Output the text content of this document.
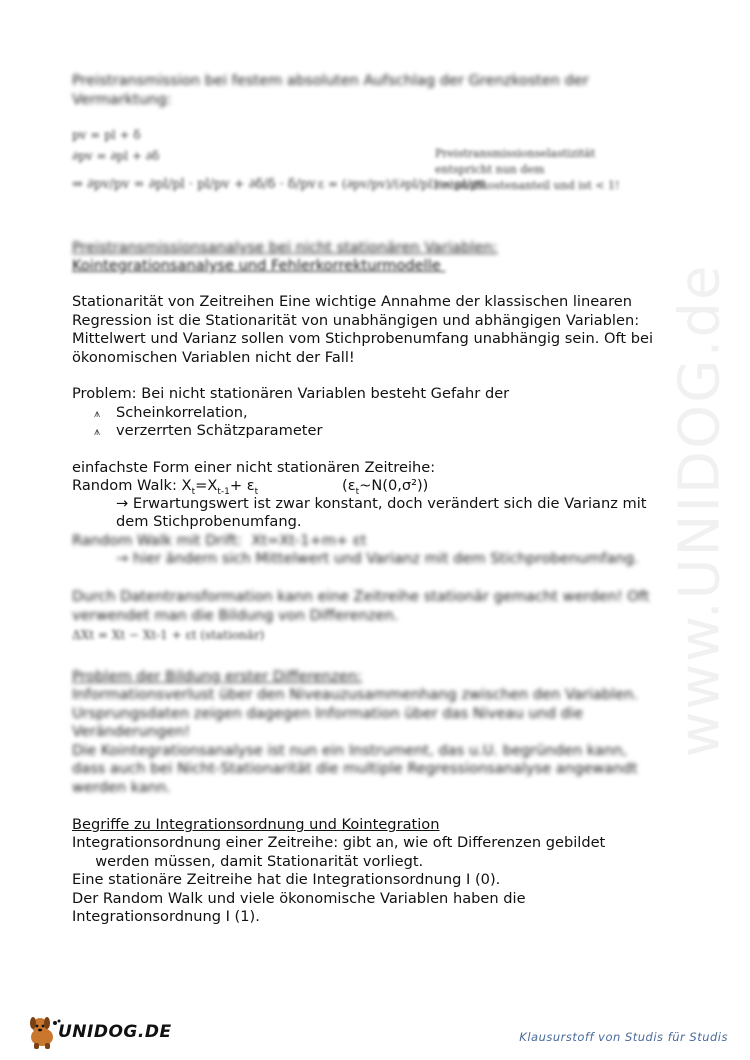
www.UNIDOG.de
Preistransmission bei festem absoluten Aufschlag der Grenzkosten der
Vermarktung:
pv = pl + δ
∂pv = ∂pl + ∂δ
⇒ ∂pv/pv = ∂pl/pl · pl/pv + ∂δ/δ · δ/pv ε = (∂pv/pv)/(∂pl/pl) = pl/pv
Preistransmissionselastizität
entspricht nun dem
Rohstoffkostenanteil und ist < 1!
Preistransmissionsanalyse bei nicht stationären Variablen:
Kointegrationsanalyse und Fehlerkorrekturmodelle
Stationarität von Zeitreihen Eine wichtige Annahme der klassischen linearen
Regression ist die Stationarität von unabhängigen und abhängigen Variablen:
Mittelwert und Varianz sollen vom Stichprobenumfang unabhängig sein. Oft bei
ökonomischen Variablen nicht der Fall!
Problem: Bei nicht stationären Variablen besteht Gefahr der
⩚ Scheinkorrelation,
⩚ verzerrten Schätzparameter
einfachste Form einer nicht stationären Zeitreihe:
Random Walk: $X_t=X_{t-1}+ \varepsilon_t$	$(\varepsilon_t\sim N(0,\sigma^2))$
→ Erwartungswert ist zwar konstant, doch verändert sich die Varianz mit
dem Stichprobenumfang.
Random Walk mit Drift:  Xt=Xt-1+m+ εt
→ hier ändern sich Mittelwert und Varianz mit dem Stichprobenumfang.
Durch Datentransformation kann eine Zeitreihe stationär gemacht werden! Oft
verwendet man die Bildung von Differenzen.
ΔXt = Xt − Xt-1 + εt (stationär)
Problem der Bildung erster Differenzen:
Informationsverlust über den Niveauzusammenhang zwischen den Variablen.
Ursprungsdaten zeigen dagegen Information über das Niveau und die
Veränderungen!
Die Kointegrationsanalyse ist nun ein Instrument, das u.U. begründen kann,
dass auch bei Nicht-Stationarität die multiple Regressionsanalyse angewandt
werden kann.
Begriffe zu Integrationsordnung und Kointegration
Integrationsordnung einer Zeitreihe: gibt an, wie oft Differenzen gebildet
werden müssen, damit Stationarität vorliegt.
Eine stationäre Zeitreihe hat die Integrationsordnung I (0).
Der Random Walk und viele ökonomische Variablen haben die
Integrationsordnung I (1).
UNIDOG.DE	Klausurstoff von Studis für Studis
